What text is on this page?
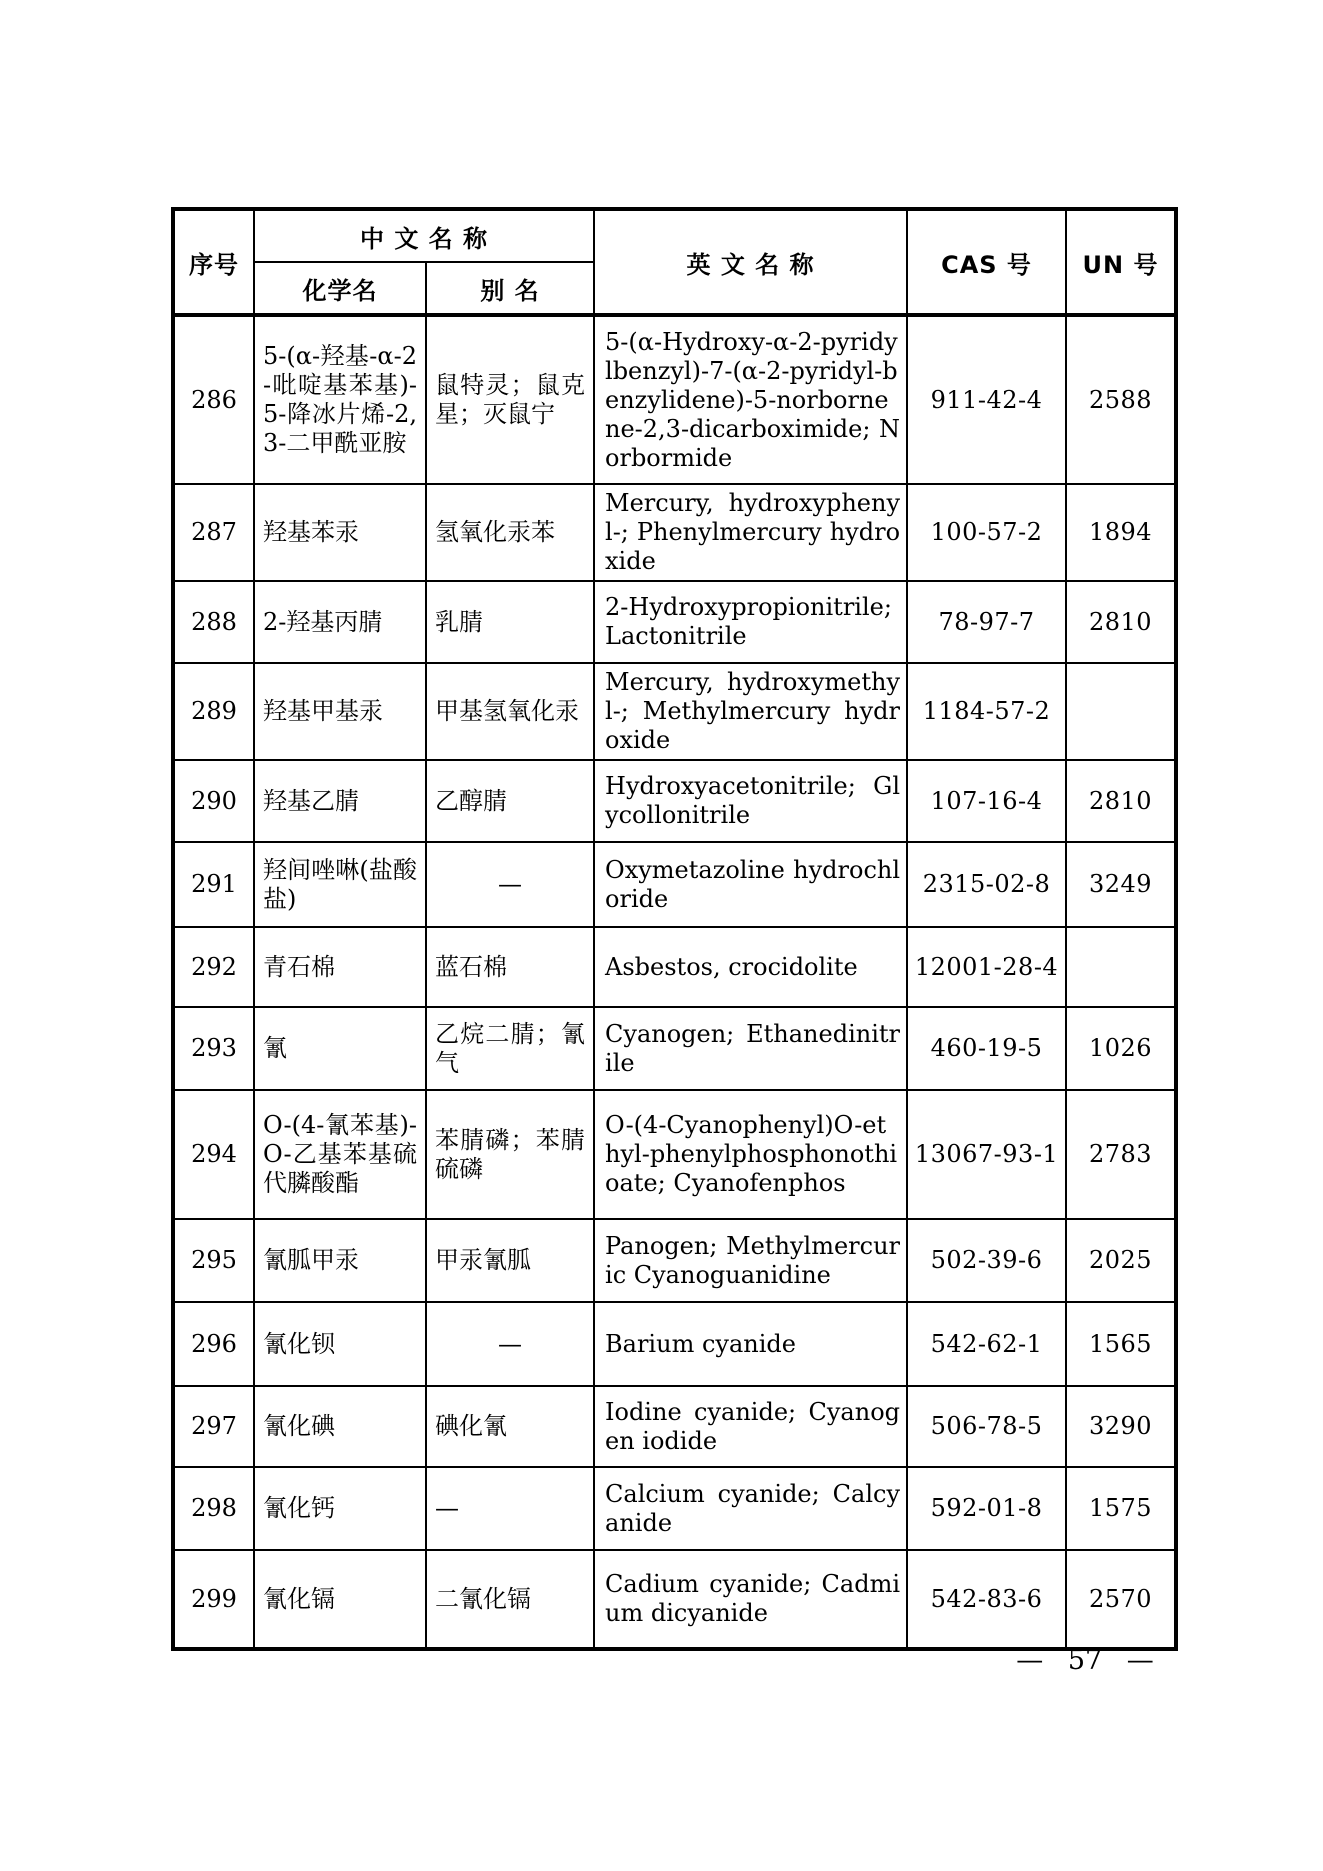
序号	中 文 名 称		英 文 名 称	CAS 号	UN 号
	化学名	别 名			
286	5-(α-羟基-α-2-吡啶基苯基)-5-降冰片烯-2,3-二甲酰亚胺	鼠特灵；鼠克星；灭鼠宁	5-(α-Hydroxy-α-2-pyridylbenzyl)-7-(α-2-pyridyl-benzylidene)-5-norbornene-2,3-dicarboximide; Norbormide	911-42-4	2588
287	羟基苯汞	氢氧化汞苯	Mercury, hydroxyphenyl-; Phenylmercury hydroxide	100-57-2	1894
288	2-羟基丙腈	乳腈	2-Hydroxypropionitrile; Lactonitrile	78-97-7	2810
289	羟基甲基汞	甲基氢氧化汞	Mercury, hydroxymethyl-; Methylmercury hydroxide	1184-57-2	
290	羟基乙腈	乙醇腈	Hydroxyacetonitrile; Glycollonitrile	107-16-4	2810
291	羟间唑啉(盐酸盐)	—	Oxymetazoline hydrochloride	2315-02-8	3249
292	青石棉	蓝石棉	Asbestos, crocidolite	12001-28-4	
293	氰	乙烷二腈；氰气	Cyanogen; Ethanedinitrile	460-19-5	1026
294	O-(4-氰苯基)-O-乙基苯基硫代膦酸酯	苯腈磷；苯腈硫磷	O-(4-Cyanophenyl)O-ethyl-phenylphosphonothioate; Cyanofenphos	13067-93-1	2783
295	氰胍甲汞	甲汞氰胍	Panogen; Methylmercuric Cyanoguanidine	502-39-6	2025
296	氰化钡	—	Barium cyanide	542-62-1	1565
297	氰化碘	碘化氰	Iodine cyanide; Cyanogen iodide	506-78-5	3290
298	氰化钙	—	Calcium cyanide; Calcyanide	592-01-8	1575
299	氰化镉	二氰化镉	Cadium cyanide; Cadmium dicyanide	542-83-6	2570
— 57 —
